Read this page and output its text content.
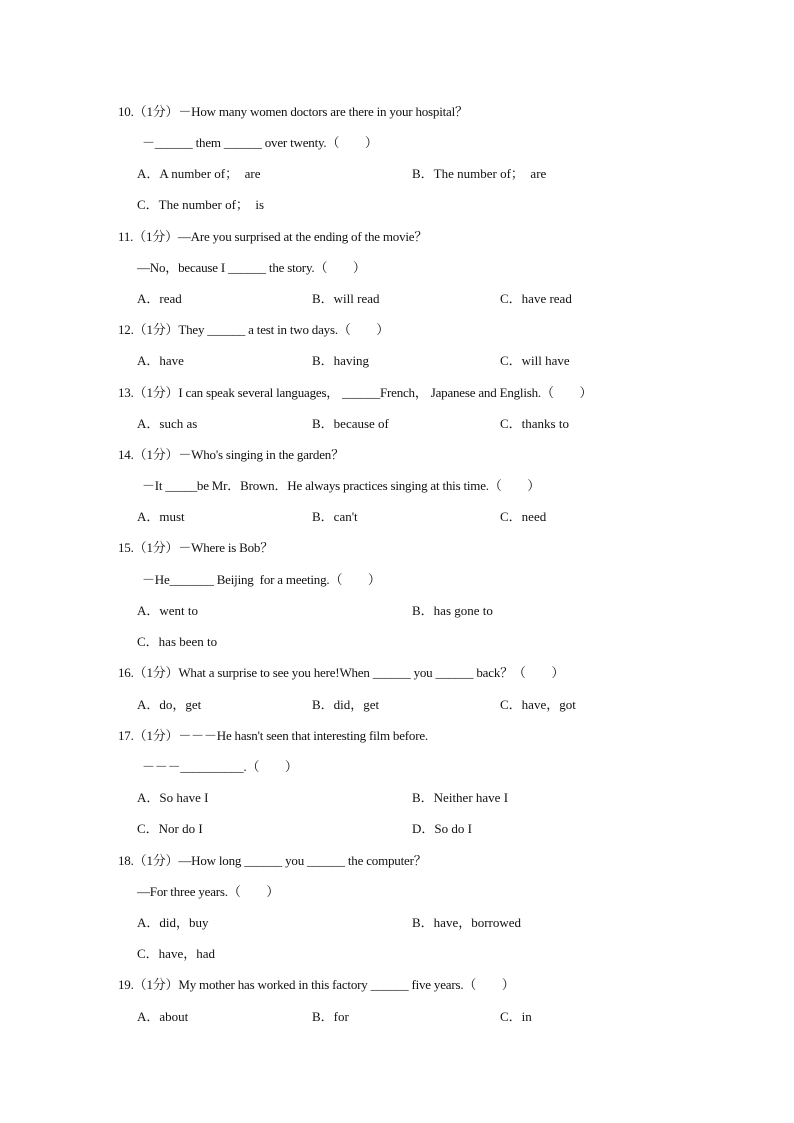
10.（1分）－How many women doctors are there in your hospital？
－______ them ______ over twenty.（　　）
A．A number of；  are	B．The number of；  are
C．The number of；  is
11.（1分）—Are you surprised at the ending of the movie？
—No，because I ______ the story.（　　）
A．read	B．will read	C．have read
12.（1分）They ______ a test in two days.（　　）
A．have	B．having	C．will have
13.（1分）I can speak several languages， ______French， Japanese and English.（　　）
A．such as	B．because of	C．thanks to
14.（1分）－Who's singing in the garden？
－It _____be Mr．Brown．He always practices singing at this time.（　　）
A．must	B．can't	C．need
15.（1分）－Where is Bob？
－He_______ Beijing  for a meeting.（　　）
A．went to	B．has gone to
C．has been to
16.（1分）What a surprise to see you here!When ______ you ______ back？（　　）
A．do，get	B．did，get	C．have，got
17.（1分）－－－He hasn't seen that interesting film before.
－－－__________.（　　）
A．So have I	B．Neither have I
C．Nor do I	D．So do I
18.（1分）—How long ______ you ______ the computer？
—For three years.（　　）
A．did，buy	B．have，borrowed
C．have，had
19.（1分）My mother has worked in this factory ______ five years.（　　）
A．about	B．for	C．in
